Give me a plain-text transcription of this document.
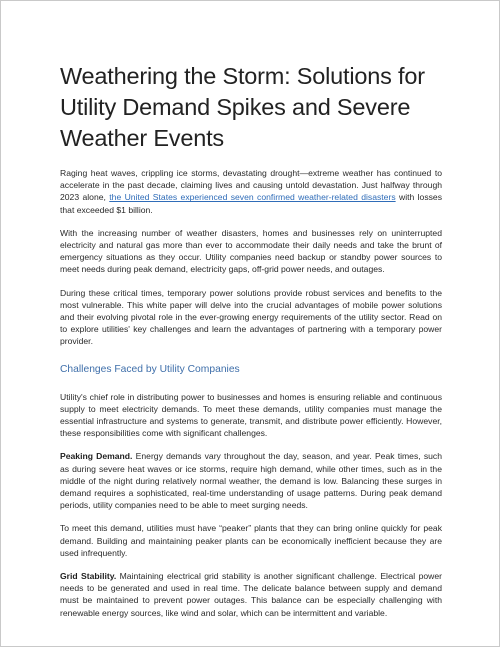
Weathering the Storm: Solutions for Utility Demand Spikes and Severe Weather Events

Raging heat waves, crippling ice storms, devastating drought—extreme weather has continued to accelerate in the past decade, claiming lives and causing untold devastation. Just halfway through 2023 alone, the United States experienced seven confirmed weather-related disasters with losses that exceeded $1 billion.

With the increasing number of weather disasters, homes and businesses rely on uninterrupted electricity and natural gas more than ever to accommodate their daily needs and take the brunt of emergency situations as they occur. Utility companies need backup or standby power sources to meet needs during peak demand, electricity gaps, off-grid power needs, and outages.

During these critical times, temporary power solutions provide robust services and benefits to the most vulnerable. This white paper will delve into the crucial advantages of mobile power solutions and their evolving pivotal role in the ever-growing energy requirements of the utility sector. Read on to explore utilities' key challenges and learn the advantages of partnering with a temporary power provider.

Challenges Faced by Utility Companies

Utility's chief role in distributing power to businesses and homes is ensuring reliable and continuous supply to meet electricity demands. To meet these demands, utility companies must manage the essential infrastructure and systems to generate, transmit, and distribute power efficiently. However, these responsibilities come with significant challenges.

Peaking Demand. Energy demands vary throughout the day, season, and year. Peak times, such as during severe heat waves or ice storms, require high demand, while other times, such as in the middle of the night during relatively normal weather, the demand is low. Balancing these surges in demand requires a sophisticated, real-time understanding of usage patterns. During peak demand periods, utility companies need to be able to meet surging needs.

To meet this demand, utilities must have “peaker” plants that they can bring online quickly for peak demand. Building and maintaining peaker plants can be economically inefficient because they are used infrequently.

Grid Stability. Maintaining electrical grid stability is another significant challenge. Electrical power needs to be generated and used in real time. The delicate balance between supply and demand must be maintained to prevent power outages. This balance can be especially challenging with renewable energy sources, like wind and solar, which can be intermittent and variable.
